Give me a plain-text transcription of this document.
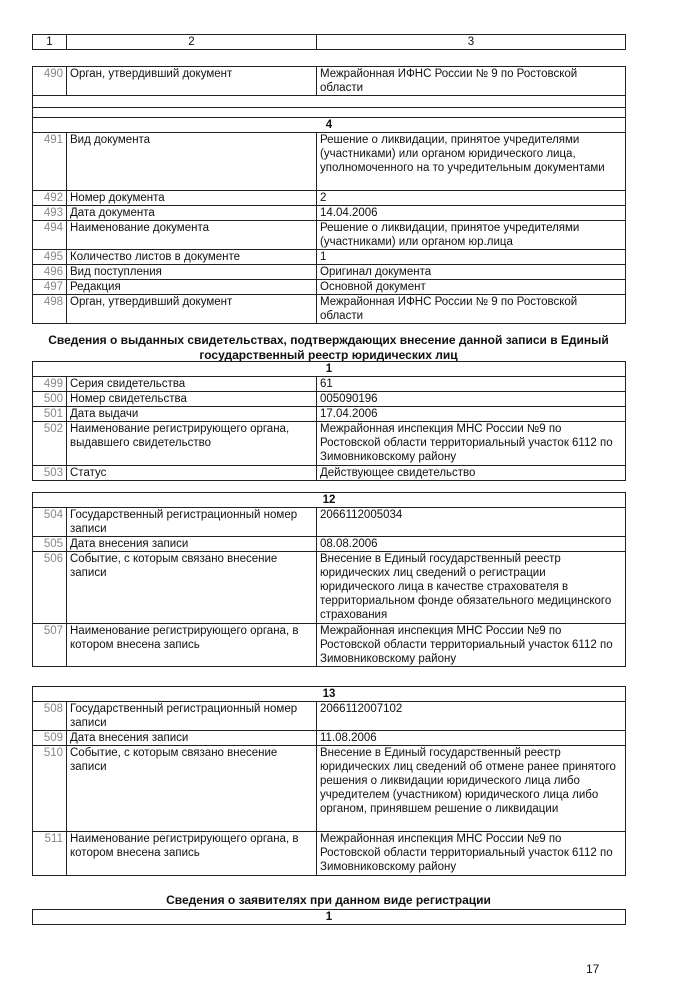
1	2	3
490	Орган, утвердивший документ	Межрайонная ИФНС России № 9 по Ростовской области

4		
491	Вид документа	Решение о ликвидации, принятое учредителями (участниками) или органом юридического лица, уполномоченного на то учредительным документами
492	Номер документа	2
493	Дата документа	14.04.2006
494	Наименование документа	Решение о ликвидации, принятое учредителями (участниками) или органом юр.лица
495	Количество листов в документе	1
496	Вид поступления	Оригинал документа
497	Редакция	Основной документ
498	Орган, утвердивший документ	Межрайонная ИФНС России № 9 по Ростовской области
Сведения о выданных свидетельствах, подтверждающих внесение данной записи в Единый государственный реестр юридических лиц
1		
499	Серия свидетельства	61
500	Номер свидетельства	005090196
501	Дата выдачи	17.04.2006
502	Наименование регистрирующего органа, выдавшего свидетельство	Межрайонная инспекция МНС России №9 по Ростовской области территориальный участок 6112 по Зимовниковскому району
503	Статус	Действующее свидетельство
12		
504	Государственный регистрационный номер записи	2066112005034
505	Дата внесения записи	08.08.2006
506	Событие, с которым связано внесение записи	Внесение в Единый государственный реестр юридических лиц сведений о регистрации юридического лица в качестве страхователя в территориальном фонде обязательного медицинского страхования
507	Наименование регистрирующего органа, в котором внесена запись	Межрайонная инспекция МНС России №9 по Ростовской области территориальный участок 6112 по Зимовниковскому району
13		
508	Государственный регистрационный номер записи	2066112007102
509	Дата внесения записи	11.08.2006
510	Событие, с которым связано внесение записи	Внесение в Единый государственный реестр юридических лиц сведений об отмене ранее принятого решения о ликвидации юридического лица либо учредителем (участником) юридического лица либо органом, принявшем решение о ликвидации
511	Наименование регистрирующего органа, в котором внесена запись	Межрайонная инспекция МНС России №9 по Ростовской области территориальный участок 6112 по Зимовниковскому району
Сведения о заявителях при данном виде регистрации
1
17
